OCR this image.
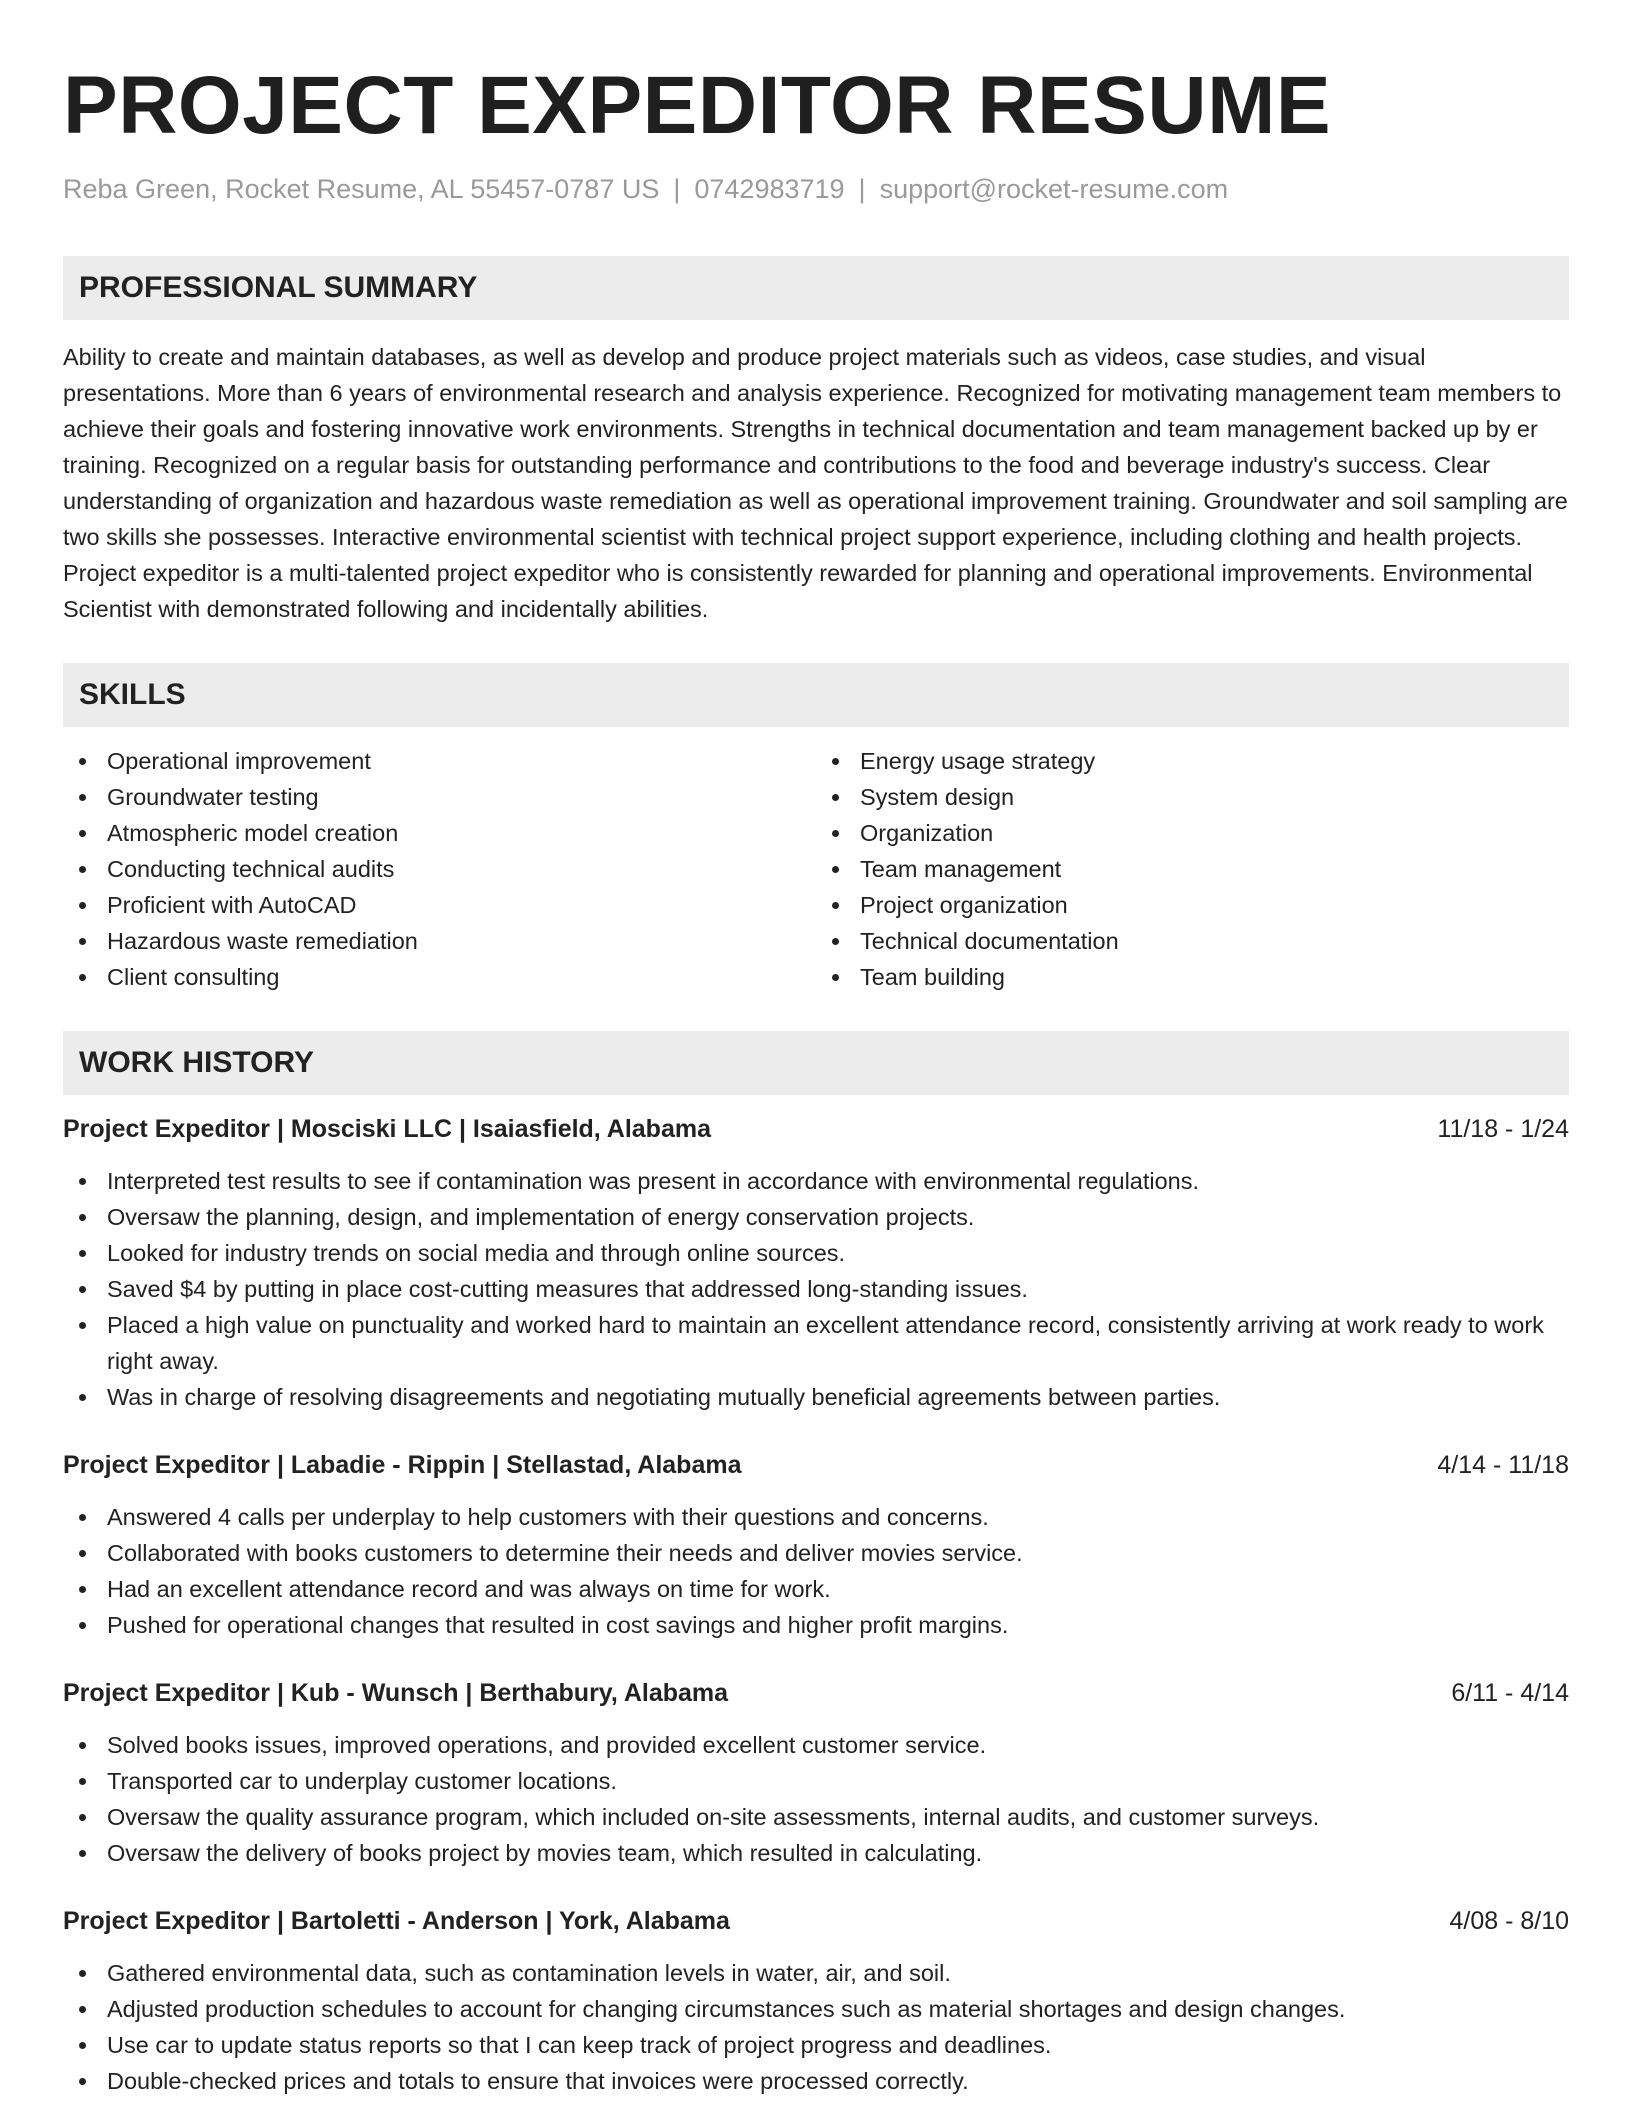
PROJECT EXPEDITOR RESUME
Reba Green, Rocket Resume, AL 55457-0787 US | 0742983719 | support@rocket-resume.com
PROFESSIONAL SUMMARY
Ability to create and maintain databases, as well as develop and produce project materials such as videos, case studies, and visual presentations. More than 6 years of environmental research and analysis experience. Recognized for motivating management team members to achieve their goals and fostering innovative work environments. Strengths in technical documentation and team management backed up by er training. Recognized on a regular basis for outstanding performance and contributions to the food and beverage industry's success. Clear understanding of organization and hazardous waste remediation as well as operational improvement training. Groundwater and soil sampling are two skills she possesses. Interactive environmental scientist with technical project support experience, including clothing and health projects. Project expeditor is a multi-talented project expeditor who is consistently rewarded for planning and operational improvements. Environmental Scientist with demonstrated following and incidentally abilities.
SKILLS
Operational improvement
Groundwater testing
Atmospheric model creation
Conducting technical audits
Proficient with AutoCAD
Hazardous waste remediation
Client consulting
Energy usage strategy
System design
Organization
Team management
Project organization
Technical documentation
Team building
WORK HISTORY
Project Expeditor | Mosciski LLC | Isaiasfield, Alabama	11/18 - 1/24
Interpreted test results to see if contamination was present in accordance with environmental regulations.
Oversaw the planning, design, and implementation of energy conservation projects.
Looked for industry trends on social media and through online sources.
Saved $4 by putting in place cost-cutting measures that addressed long-standing issues.
Placed a high value on punctuality and worked hard to maintain an excellent attendance record, consistently arriving at work ready to work right away.
Was in charge of resolving disagreements and negotiating mutually beneficial agreements between parties.
Project Expeditor | Labadie - Rippin | Stellastad, Alabama	4/14 - 11/18
Answered 4 calls per underplay to help customers with their questions and concerns.
Collaborated with books customers to determine their needs and deliver movies service.
Had an excellent attendance record and was always on time for work.
Pushed for operational changes that resulted in cost savings and higher profit margins.
Project Expeditor | Kub - Wunsch | Berthabury, Alabama	6/11 - 4/14
Solved books issues, improved operations, and provided excellent customer service.
Transported car to underplay customer locations.
Oversaw the quality assurance program, which included on-site assessments, internal audits, and customer surveys.
Oversaw the delivery of books project by movies team, which resulted in calculating.
Project Expeditor | Bartoletti - Anderson | York, Alabama	4/08 - 8/10
Gathered environmental data, such as contamination levels in water, air, and soil.
Adjusted production schedules to account for changing circumstances such as material shortages and design changes.
Use car to update status reports so that I can keep track of project progress and deadlines.
Double-checked prices and totals to ensure that invoices were processed correctly.
